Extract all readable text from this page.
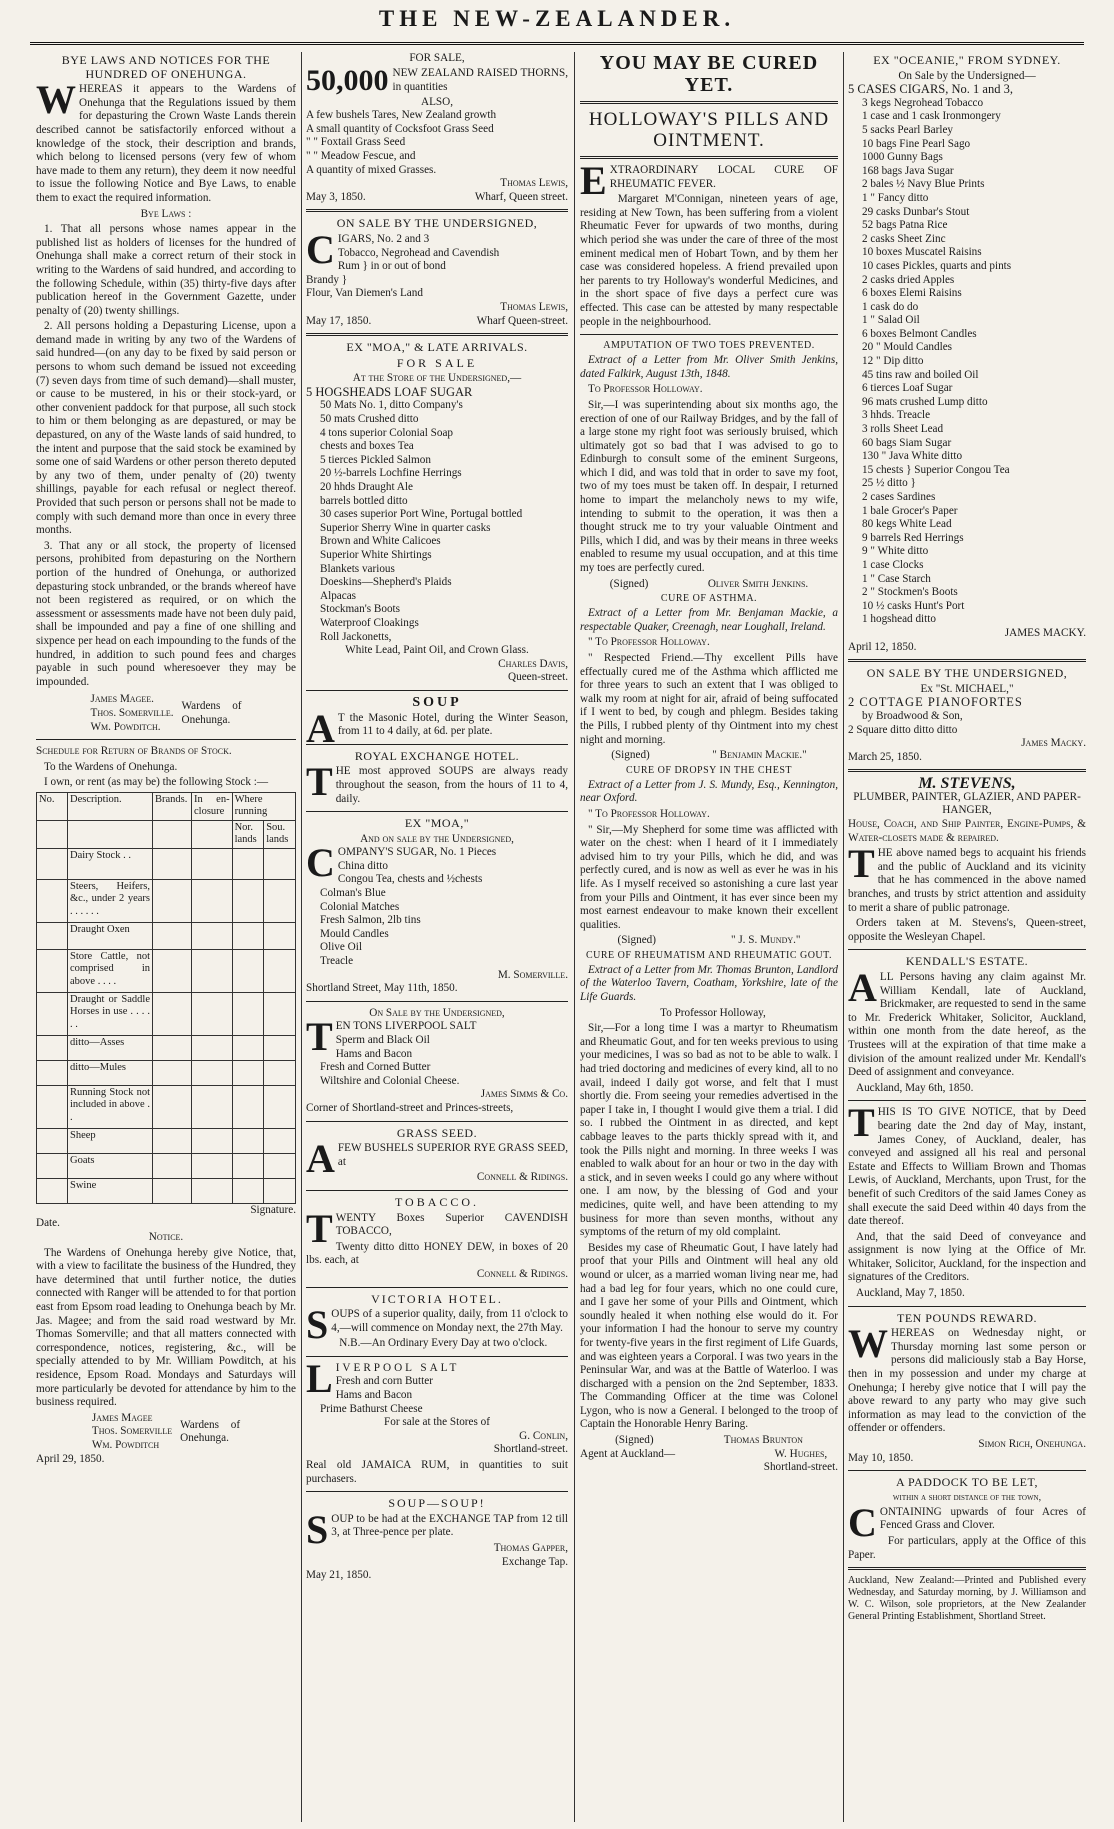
THE NEW-ZEALANDER.
BYE LAWS AND NOTICES FOR THE HUNDRED OF ONEHUNGA.

WHEREAS it appears to the Wardens of Onehunga that the Regulations issued by them for depasturing the Crown Waste Lands therein described cannot be satisfactorily enforced without a knowledge of the stock, their description and brands, which belong to licensed persons (very few of whom have made to them any return), they deem it now needful to issue the following Notice and Bye Laws, to enable them to exact the required information.

Bye Laws :

1. That all persons whose names appear in the published list as holders of licenses for the hundred of Onehunga shall make a correct return of their stock in writing to the Wardens of said hundred, and according to the following Schedule, within (35) thirty-five days after publication hereof in the Government Gazette, under penalty of (20) twenty shillings.

2. All persons holding a Depasturing License, upon a demand made in writing by any two of the Wardens of said hundred—(on any day to be fixed by said person or persons to whom such demand be issued not exceeding (7) seven days from time of such demand)—shall muster, or cause to be mustered, in his or their stock-yard, or other convenient paddock for that purpose, all such stock to him or them belonging as are depastured, or may be depastured, on any of the Waste lands of said hundred, to the intent and purpose that the said stock be examined by some one of said Wardens or other person thereto deputed by any two of them, under penalty of (20) twenty shillings, payable for each refusal or neglect thereof. Provided that such person or persons shall not be made to comply with such demand more than once in every three months.

3. That any or all stock, the property of licensed persons, prohibited from depasturing on the Northern portion of the hundred of Onehunga, or authorized depasturing stock unbranded, or the brands whereof have not been registered as required, or on which the assessment or assessments made have not been duly paid, shall be impounded and pay a fine of one shilling and sixpence per head on each impounding to the funds of the hundred, in addition to such pound fees and charges payable in such pound wheresoever they may be impounded.

James Magee.
Thos. Somerville.
Wm. Powditch.
Wardens of Onehunga.
Schedule for Return of Brands of Stock.

To the Wardens of Onehunga.

I own, or rent (as may be) the following Stock :—

No.	Description.	Brands.	In en-closure	Where running	
				Nor. lands	Sou. lands
	Dairy Stock . .				
	Steers, Heifers, &c., under 2 years . . . . . .				
	Draught Oxen				
	Store Cattle, not comprised in above . . . .				
	Draught or Saddle Horses in use . . . . . .				
	ditto—Asses				
	ditto—Mules				
	Running Stock not included in above . .				
	Sheep				
	Goats				
	Swine				
Signature.
Date.
Notice.

The Wardens of Onehunga hereby give Notice, that, with a view to facilitate the business of the Hundred, they have determined that until further notice, the duties connected with Ranger will be attended to for that portion east from Epsom road leading to Onehunga beach by Mr. Jas. Magee; and from the said road westward by Mr. Thomas Somerville; and that all matters connected with correspondence, notices, registering, &c., will be specially attended to by Mr. William Powditch, at his residence, Epsom Road. Mondays and Saturdays will more particularly be devoted for attendance by him to the business required.

James Magee
Thos. Somerville
Wm. Powditch
Wardens of Onehunga.
April 29, 1850.
FOR SALE,
50,000 NEW ZEALAND RAISED THORNS, in quantities
ALSO,
A few bushels Tares, New Zealand growth
A small quantity of Cocksfoot Grass Seed
" " Foxtail Grass Seed
" " Meadow Fescue, and
A quantity of mixed Grasses.
Thomas Lewis,
May 3, 1850.	Wharf, Queen street.
ON SALE BY THE UNDERSIGNED,
CIGARS, No. 2 and 3
Tobacco, Negrohead and Cavendish
Rum } in or out of bond
Brandy }
Flour, Van Diemen's Land
Thomas Lewis,
May 17, 1850.	Wharf Queen-street.
EX "MOA," & LATE ARRIVALS.
FOR SALE
At the Store of the Undersigned,—
5 HOGSHEADS LOAF SUGAR
50 Mats No. 1, ditto Company's
50 mats Crushed ditto
4 tons superior Colonial Soap
chests and boxes Tea
5 tierces Pickled Salmon
20 ½-barrels Lochfine Herrings
20 hhds Draught Ale
barrels bottled ditto
30 cases superior Port Wine, Portugal bottled
Superior Sherry Wine in quarter casks
Brown and White Calicoes
Superior White Shirtings
Blankets various
Doeskins—Shepherd's Plaids
Alpacas
Stockman's Boots
Waterproof Cloakings
Roll Jackonetts,
White Lead, Paint Oil, and Crown Glass.
Charles Davis,
Queen-street.
SOUP

A T the Masonic Hotel, during the Winter Season, from 11 to 4 daily, at 6d. per plate.

ROYAL EXCHANGE HOTEL.

THE most approved SOUPS are always ready throughout the season, from the hours of 11 to 4, daily.

EX "MOA,"
And on sale by the Undersigned,
COMPANY'S SUGAR, No. 1 Pieces
China ditto
Congou Tea, chests and ½chests
Colman's Blue
Colonial Matches
Fresh Salmon, 2lb tins
Mould Candles
Olive Oil
Treacle
M. Somerville.
Shortland Street, May 11th, 1850.
On Sale by the Undersigned,
TEN TONS LIVERPOOL SALT
Sperm and Black Oil
Hams and Bacon
Fresh and Corned Butter
Wiltshire and Colonial Cheese.
James Simms & Co.
Corner of Shortland-street and Princes-streets,
GRASS SEED.

AFEW BUSHELS SUPERIOR RYE GRASS SEED, at

Connell & Ridings.
TOBACCO.

TWENTY Boxes Superior CAVENDISH TOBACCO,

Twenty ditto ditto HONEY DEW, in boxes of 20 lbs. each, at
Connell & Ridings.
VICTORIA HOTEL.

SOUPS of a superior quality, daily, from 11 o'clock to 4,—will commence on Monday next, the 27th May.

N.B.—An Ordinary Every Day at two o'clock.

LIVERPOOL SALT
Fresh and corn Butter
Hams and Bacon
Prime Bathurst Cheese
For sale at the Stores of
G. Conlin,
Shortland-street.

Real old JAMAICA RUM, in quantities to suit purchasers.

SOUP—SOUP!

SOUP to be had at the EXCHANGE TAP from 12 till 3, at Three-pence per plate.

Thomas Gapper,
Exchange Tap.
May 21, 1850.
YOU MAY BE CURED YET.
HOLLOWAY'S PILLS AND OINTMENT.

EXTRAORDINARY LOCAL CURE OF RHEUMATIC FEVER.

Margaret M'Connigan, nineteen years of age, residing at New Town, has been suffering from a violent Rheumatic Fever for upwards of two months, during which period she was under the care of three of the most eminent medical men of Hobart Town, and by them her case was considered hopeless. A friend prevailed upon her parents to try Holloway's wonderful Medicines, and in the short space of five days a perfect cure was effected. This case can be attested by many respectable people in the neighbourhood.

AMPUTATION OF TWO TOES PREVENTED.

Extract of a Letter from Mr. Oliver Smith Jenkins, dated Falkirk, August 13th, 1848.

To Professor Holloway.

Sir,—I was superintending about six months ago, the erection of one of our Railway Bridges, and by the fall of a large stone my right foot was seriously bruised, which ultimately got so bad that I was advised to go to Edinburgh to consult some of the eminent Surgeons, which I did, and was told that in order to save my foot, two of my toes must be taken off. In despair, I returned home to impart the melancholy news to my wife, intending to submit to the operation, it was then a thought struck me to try your valuable Ointment and Pills, which I did, and was by their means in three weeks enabled to resume my usual occupation, and at this time my toes are perfectly cured.

(Signed)	Oliver Smith Jenkins.
CURE OF ASTHMA.

Extract of a Letter from Mr. Benjaman Mackie, a respectable Quaker, Creenagh, near Loughall, Ireland.

" To Professor Holloway.

" Respected Friend.—Thy excellent Pills have effectually cured me of the Asthma which afflicted me for three years to such an extent that I was obliged to walk my room at night for air, afraid of being suffocated if I went to bed, by cough and phlegm. Besides taking the Pills, I rubbed plenty of thy Ointment into my chest night and morning.

(Signed)	" Benjamin Mackie."
CURE OF DROPSY IN THE CHEST

Extract of a Letter from J. S. Mundy, Esq., Kennington, near Oxford.

" To Professor Holloway.

" Sir,—My Shepherd for some time was afflicted with water on the chest: when I heard of it I immediately advised him to try your Pills, which he did, and was perfectly cured, and is now as well as ever he was in his life. As I myself received so astonishing a cure last year from your Pills and Ointment, it has ever since been my most earnest endeavour to make known their excellent qualities.

(Signed)	" J. S. Mundy."
CURE OF RHEUMATISM AND RHEUMATIC GOUT.

Extract of a Letter from Mr. Thomas Brunton, Landlord of the Waterloo Tavern, Coatham, Yorkshire, late of the Life Guards.

To Professor Holloway,

Sir,—For a long time I was a martyr to Rheumatism and Rheumatic Gout, and for ten weeks previous to using your medicines, I was so bad as not to be able to walk. I had tried doctoring and medicines of every kind, all to no avail, indeed I daily got worse, and felt that I must shortly die. From seeing your remedies advertised in the paper I take in, I thought I would give them a trial. I did so. I rubbed the Ointment in as directed, and kept cabbage leaves to the parts thickly spread with it, and took the Pills night and morning. In three weeks I was enabled to walk about for an hour or two in the day with a stick, and in seven weeks I could go any where without one. I am now, by the blessing of God and your medicines, quite well, and have been attending to my business for more than seven months, without any symptoms of the return of my old complaint.

Besides my case of Rheumatic Gout, I have lately had proof that your Pills and Ointment will heal any old wound or ulcer, as a married woman living near me, had had a bad leg for four years, which no one could cure, and I gave her some of your Pills and Ointment, which soundly healed it when nothing else would do it. For your information I had the honour to serve my country for twenty-five years in the first regiment of Life Guards, and was eighteen years a Corporal. I was two years in the Peninsular War, and was at the Battle of Waterloo. I was discharged with a pension on the 2nd September, 1833. The Commanding Officer at the time was Colonel Lygon, who is now a General. I belonged to the troop of Captain the Honorable Henry Baring.

(Signed)	Thomas Brunton
Agent at Auckland—	W. Hughes,
Shortland-street.
EX "OCEANIE," FROM SYDNEY.
On Sale by the Undersigned—
5 CASES CIGARS, No. 1 and 3,
3 kegs Negrohead Tobacco
1 case and 1 cask Ironmongery
5 sacks Pearl Barley
10 bags Fine Pearl Sago
1000 Gunny Bags
168 bags Java Sugar
2 bales ½ Navy Blue Prints
1 " Fancy ditto
29 casks Dunbar's Stout
52 bags Patna Rice
2 casks Sheet Zinc
10 boxes Muscatel Raisins
10 cases Pickles, quarts and pints
2 casks dried Apples
6 boxes Elemi Raisins
1 cask do do
1 " Salad Oil
6 boxes Belmont Candles
20 " Mould Candles
12 " Dip ditto
45 tins raw and boiled Oil
6 tierces Loaf Sugar
96 mats crushed Lump ditto
3 hhds. Treacle
3 rolls Sheet Lead
60 bags Siam Sugar
130 " Java White ditto
15 chests } Superior Congou Tea
25 ½ ditto }
2 cases Sardines
1 bale Grocer's Paper
80 kegs White Lead
9 barrels Red Herrings
9 " White ditto
1 case Clocks
1 " Case Starch
2 " Stockmen's Boots
10 ½ casks Hunt's Port
1 hogshead ditto
JAMES MACKY.
April 12, 1850.
ON SALE BY THE UNDERSIGNED,
Ex "St. MICHAEL,"
2 COTTAGE PIANOFORTES
by Broadwood & Son,
2 Square ditto ditto ditto
James Macky.
March 25, 1850.
M. STEVENS,
PLUMBER, PAINTER, GLAZIER, AND PAPER-HANGER,
House, Coach, and Ship Painter, Engine-Pumps, & Water-closets made & repaired.

THE above named begs to acquaint his friends and the public of Auckland and its vicinity that he has commenced in the above named branches, and trusts by strict attention and assiduity to merit a share of public patronage.

Orders taken at M. Stevens's, Queen-street, opposite the Wesleyan Chapel.

KENDALL'S ESTATE.

ALL Persons having any claim against Mr. William Kendall, late of Auckland, Brickmaker, are requested to send in the same to Mr. Frederick Whitaker, Solicitor, Auckland, within one month from the date hereof, as the Trustees will at the expiration of that time make a division of the amount realized under Mr. Kendall's Deed of assignment and conveyance.

Auckland, May 6th, 1850.

THIS IS TO GIVE NOTICE, that by Deed bearing date the 2nd day of May, instant, James Coney, of Auckland, dealer, has conveyed and assigned all his real and personal Estate and Effects to William Brown and Thomas Lewis, of Auckland, Merchants, upon Trust, for the benefit of such Creditors of the said James Coney as shall execute the said Deed within 40 days from the date thereof.

And, that the said Deed of conveyance and assignment is now lying at the Office of Mr. Whitaker, Solicitor, Auckland, for the inspection and signatures of the Creditors.

Auckland, May 7, 1850.

TEN POUNDS REWARD.

WHEREAS on Wednesday night, or Thursday morning last some person or persons did maliciously stab a Bay Horse, then in my possession and under my charge at Onehunga; I hereby give notice that I will pay the above reward to any party who may give such information as may lead to the conviction of the offender or offenders.

Simon Rich, Onehunga.
May 10, 1850.
A PADDOCK TO BE LET,
within a short distance of the town,

CONTAINING upwards of four Acres of Fenced Grass and Clover.

For particulars, apply at the Office of this Paper.

Auckland, New Zealand:—Printed and Published every Wednesday, and Saturday morning, by J. Williamson and W. C. Wilson, sole proprietors, at the New Zealander General Printing Establishment, Shortland Street.
